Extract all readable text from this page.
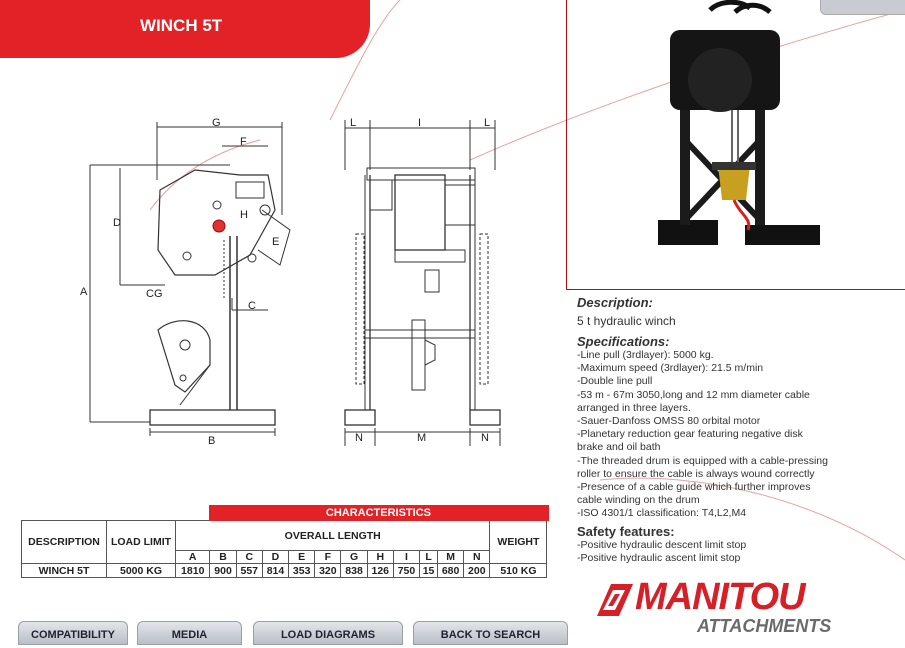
WINCH 5T
G
F
D
H
E
A	CG
C
B
L	I	L
N	M	N
Description:
5 t hydraulic winch
Specifications:
-Line pull (3rdlayer): 5000 kg.
-Maximum speed (3rdlayer): 21.5 m/min
-Double line pull
-53 m - 67m 3050,long and 12 mm diameter cable
arranged in three layers.
-Sauer-Danfoss OMSS 80 orbital motor
-Planetary reduction gear featuring negative disk
brake and oil bath
-The threaded drum is equipped with a cable-pressing
roller to ensure the cable is always wound correctly
-Presence of a cable guide which further improves
cable winding on the drum
-ISO 4301/1 classification: T4,L2,M4
Safety features:
-Positive hydraulic descent limit stop
-Positive hydraulic ascent limit stop
			CHARACTERISTICS												
DESCRIPTION	LOAD LIMIT	OVERALL LENGTH												WEIGHT	
		A	B	C	D	E	F	G	H	I	L	M	N		
WINCH 5T	5000 KG	1810	900	557	814	353	320	838	126	750	15	680	200	510 KG	
MANITOU
ATTACHMENTS
COMPATIBILITY	MEDIA	LOAD DIAGRAMS	BACK TO SEARCH
